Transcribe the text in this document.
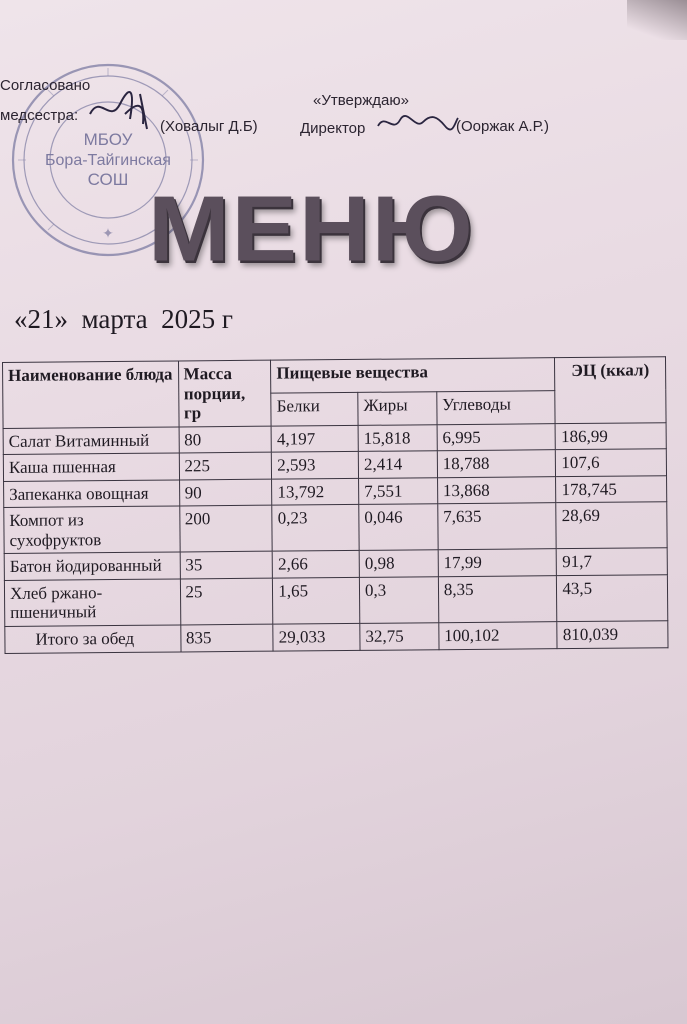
МБОУ
Бора-Тайгинская
СОШ
✦
Согласовано
медсестра:
(Ховалыг Д.Б)
«Утверждаю»
Директор	(Ооржак А.Р.)
МЕНЮ
«21»  марта  2025 г
Наименование блюда	Масса порции, гр	Пищевые вещества			ЭЦ (ккал)
		Белки	Жиры	Углеводы	
Салат Витаминный	80	4,197	15,818	6,995	186,99
Каша пшенная	225	2,593	2,414	18,788	107,6
Запеканка овощная	90	13,792	7,551	13,868	178,745
Компот из сухофруктов	200	0,23	0,046	7,635	28,69
Батон йодированный	35	2,66	0,98	17,99	91,7
Хлеб ржано-пшеничный	25	1,65	0,3	8,35	43,5
Итого за обед	835	29,033	32,75	100,102	810,039
